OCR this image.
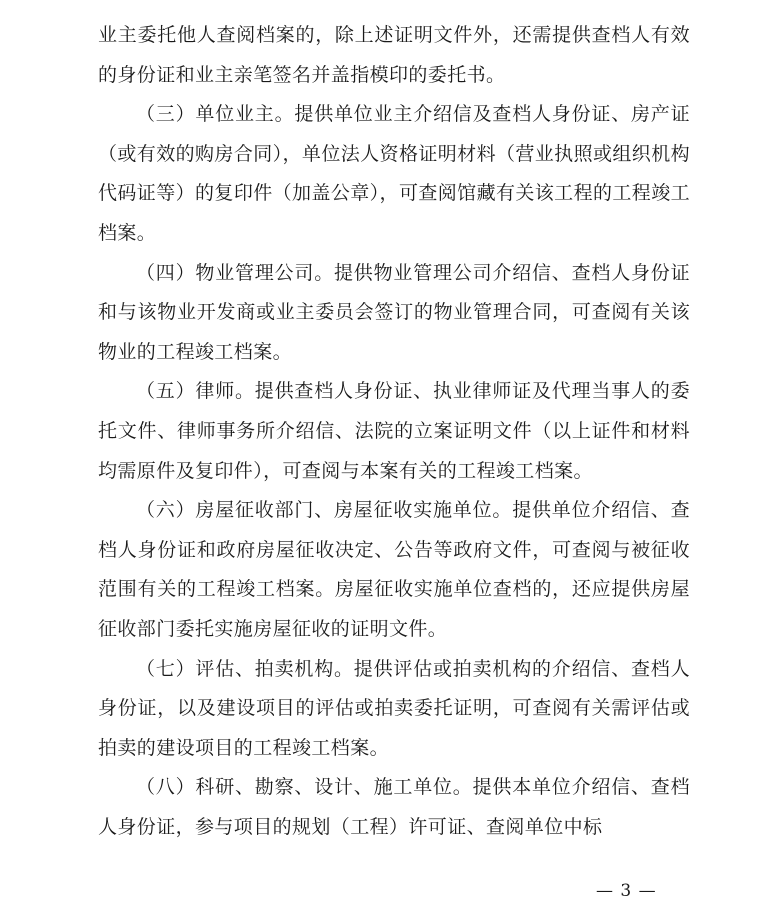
业主委托他人查阅档案的，除上述证明文件外，还需提供查档人有效的身份证和业主亲笔签名并盖指模印的委托书。

（三）单位业主。提供单位业主介绍信及查档人身份证、房产证（或有效的购房合同），单位法人资格证明材料（营业执照或组织机构代码证等）的复印件（加盖公章），可查阅馆藏有关该工程的工程竣工档案。

（四）物业管理公司。提供物业管理公司介绍信、查档人身份证和与该物业开发商或业主委员会签订的物业管理合同，可查阅有关该物业的工程竣工档案。

（五）律师。提供查档人身份证、执业律师证及代理当事人的委托文件、律师事务所介绍信、法院的立案证明文件（以上证件和材料均需原件及复印件），可查阅与本案有关的工程竣工档案。

（六）房屋征收部门、房屋征收实施单位。提供单位介绍信、查档人身份证和政府房屋征收决定、公告等政府文件，可查阅与被征收范围有关的工程竣工档案。房屋征收实施单位查档的，还应提供房屋征收部门委托实施房屋征收的证明文件。

（七）评估、拍卖机构。提供评估或拍卖机构的介绍信、查档人身份证，以及建设项目的评估或拍卖委托证明，可查阅有关需评估或拍卖的建设项目的工程竣工档案。

（八）科研、勘察、设计、施工单位。提供本单位介绍信、查档人身份证，参与项目的规划（工程）许可证、查阅单位中标

— 3 —
